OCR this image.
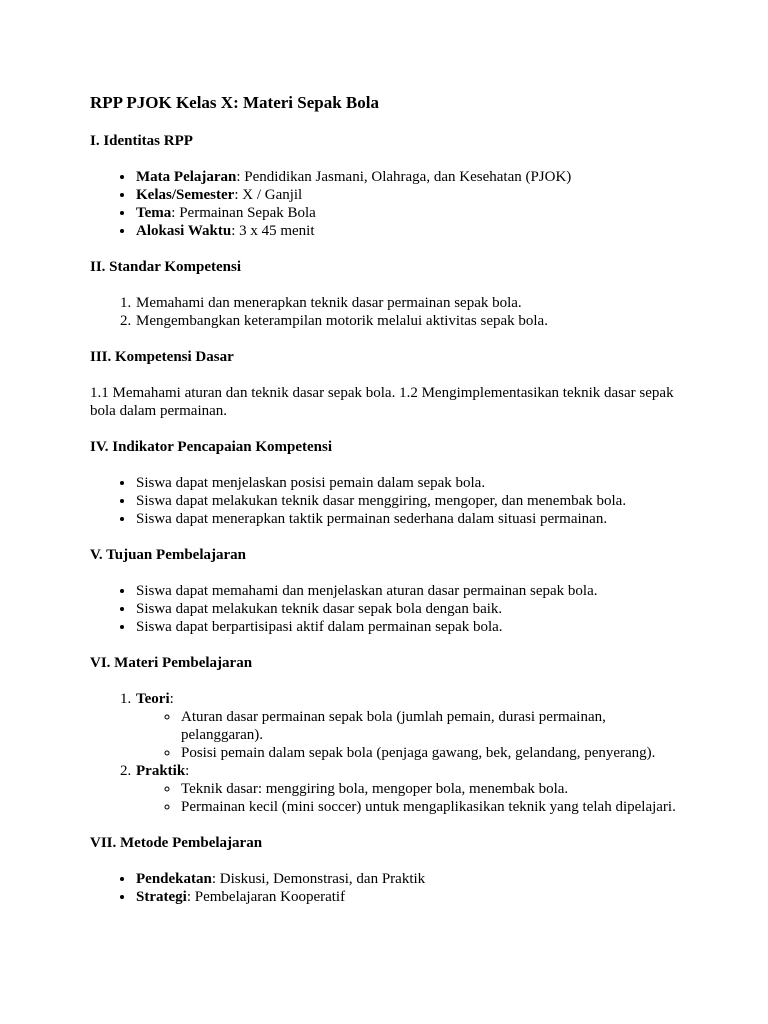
RPP PJOK Kelas X: Materi Sepak Bola
I. Identitas RPP
• Mata Pelajaran: Pendidikan Jasmani, Olahraga, dan Kesehatan (PJOK)
• Kelas/Semester: X / Ganjil
• Tema: Permainan Sepak Bola
• Alokasi Waktu: 3 x 45 menit
II. Standar Kompetensi
1. Memahami dan menerapkan teknik dasar permainan sepak bola.
2. Mengembangkan keterampilan motorik melalui aktivitas sepak bola.
III. Kompetensi Dasar

1.1 Memahami aturan dan teknik dasar sepak bola. 1.2 Mengimplementasikan teknik dasar sepak bola dalam permainan.

IV. Indikator Pencapaian Kompetensi
• Siswa dapat menjelaskan posisi pemain dalam sepak bola.
• Siswa dapat melakukan teknik dasar menggiring, mengoper, dan menembak bola.
• Siswa dapat menerapkan taktik permainan sederhana dalam situasi permainan.
V. Tujuan Pembelajaran
• Siswa dapat memahami dan menjelaskan aturan dasar permainan sepak bola.
• Siswa dapat melakukan teknik dasar sepak bola dengan baik.
• Siswa dapat berpartisipasi aktif dalam permainan sepak bola.
VI. Materi Pembelajaran
1. Teori:
◦ Aturan dasar permainan sepak bola (jumlah pemain, durasi permainan, pelanggaran).
◦ Posisi pemain dalam sepak bola (penjaga gawang, bek, gelandang, penyerang).
2. Praktik:
◦ Teknik dasar: menggiring bola, mengoper bola, menembak bola.
◦ Permainan kecil (mini soccer) untuk mengaplikasikan teknik yang telah dipelajari.
VII. Metode Pembelajaran
• Pendekatan: Diskusi, Demonstrasi, dan Praktik
• Strategi: Pembelajaran Kooperatif
